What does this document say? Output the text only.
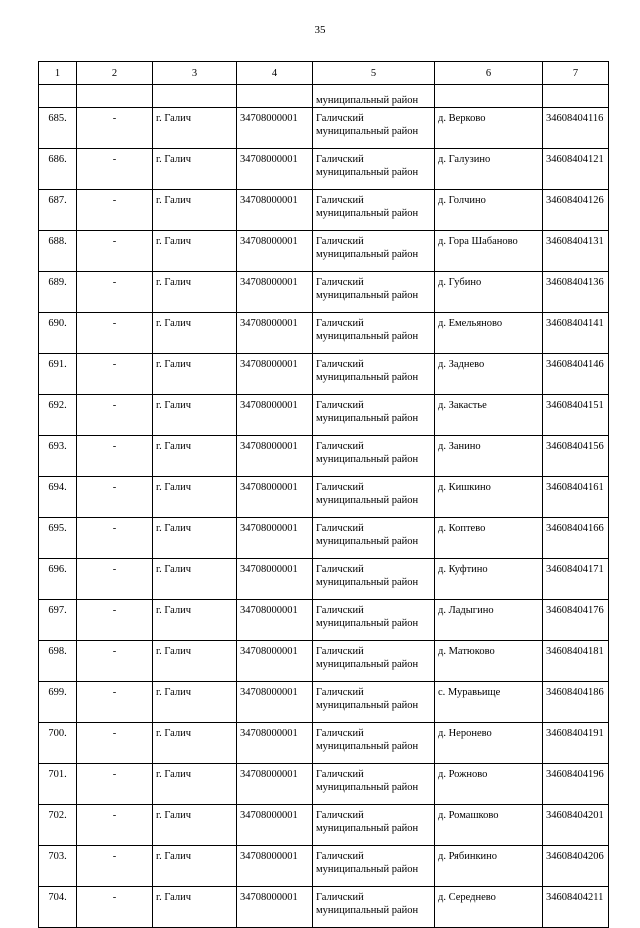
35
1	2	3	4	5	6	7
				муниципальный район		
685.	-	г. Галич	34708000001	Галичский муниципальный район	д. Верково	34608404116
686.	-	г. Галич	34708000001	Галичский муниципальный район	д. Галузино	34608404121
687.	-	г. Галич	34708000001	Галичский муниципальный район	д. Голчино	34608404126
688.	-	г. Галич	34708000001	Галичский муниципальный район	д. Гора Шабаново	34608404131
689.	-	г. Галич	34708000001	Галичский муниципальный район	д. Губино	34608404136
690.	-	г. Галич	34708000001	Галичский муниципальный район	д. Емельяново	34608404141
691.	-	г. Галич	34708000001	Галичский муниципальный район	д. Заднево	34608404146
692.	-	г. Галич	34708000001	Галичский муниципальный район	д. Закастье	34608404151
693.	-	г. Галич	34708000001	Галичский муниципальный район	д. Занино	34608404156
694.	-	г. Галич	34708000001	Галичский муниципальный район	д. Кишкино	34608404161
695.	-	г. Галич	34708000001	Галичский муниципальный район	д. Коптево	34608404166
696.	-	г. Галич	34708000001	Галичский муниципальный район	д. Куфтино	34608404171
697.	-	г. Галич	34708000001	Галичский муниципальный район	д. Ладыгино	34608404176
698.	-	г. Галич	34708000001	Галичский муниципальный район	д. Матюково	34608404181
699.	-	г. Галич	34708000001	Галичский муниципальный район	с. Муравьище	34608404186
700.	-	г. Галич	34708000001	Галичский муниципальный район	д. Неронево	34608404191
701.	-	г. Галич	34708000001	Галичский муниципальный район	д. Рожново	34608404196
702.	-	г. Галич	34708000001	Галичский муниципальный район	д. Ромашково	34608404201
703.	-	г. Галич	34708000001	Галичский муниципальный район	д. Рябинкино	34608404206
704.	-	г. Галич	34708000001	Галичский муниципальный район	д. Середнево	34608404211
